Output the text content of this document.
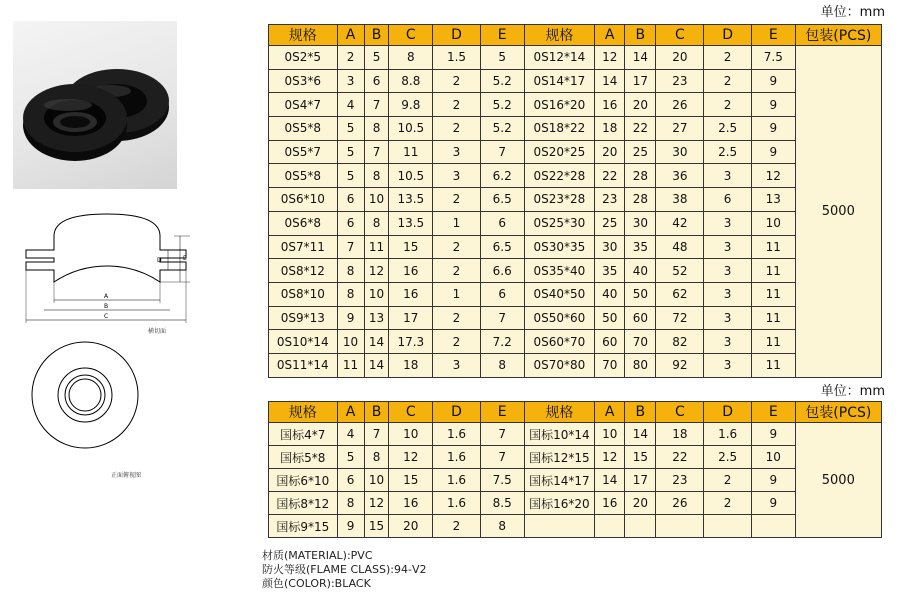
D	E
A
B
C
横切面
正面俯视图
单位：mm
单位：mm
规格	A	B	C	D	E	规格	A	B	C	D	E	包装(PCS)
0S2*5	2	5	8	1.5	5	0S12*14	12	14	20	2	7.5	5000
0S3*6	3	6	8.8	2	5.2	0S14*17	14	17	23	2	9	
0S4*7	4	7	9.8	2	5.2	0S16*20	16	20	26	2	9	
0S5*8	5	8	10.5	2	5.2	0S18*22	18	22	27	2.5	9	
0S5*7	5	7	11	3	7	0S20*25	20	25	30	2.5	9	
0S5*8	5	8	10.5	3	6.2	0S22*28	22	28	36	3	12	
0S6*10	6	10	13.5	2	6.5	0S23*28	23	28	38	6	13	
0S6*8	6	8	13.5	1	6	0S25*30	25	30	42	3	10	
0S7*11	7	11	15	2	6.5	0S30*35	30	35	48	3	11	
0S8*12	8	12	16	2	6.6	0S35*40	35	40	52	3	11	
0S8*10	8	10	16	1	6	0S40*50	40	50	62	3	11	
0S9*13	9	13	17	2	7	0S50*60	50	60	72	3	11	
0S10*14	10	14	17.3	2	7.2	0S60*70	60	70	82	3	11	
0S11*14	11	14	18	3	8	0S70*80	70	80	92	3	11	
规格	A	B	C	D	E	规格	A	B	C	D	E	包装(PCS)
国标4*7	4	7	10	1.6	7	国标10*14	10	14	18	1.6	9	5000
国标5*8	5	8	12	1.6	7	国标12*15	12	15	22	2.5	10	
国标6*10	6	10	15	1.6	7.5	国标14*17	14	17	23	2	9	
国标8*12	8	12	16	1.6	8.5	国标16*20	16	20	26	2	9	
国标9*15	9	15	20	2	8							
材质(MATERIAL):PVC
防火等级(FLAME CLASS):94-V2
颜色(COLOR):BLACK
